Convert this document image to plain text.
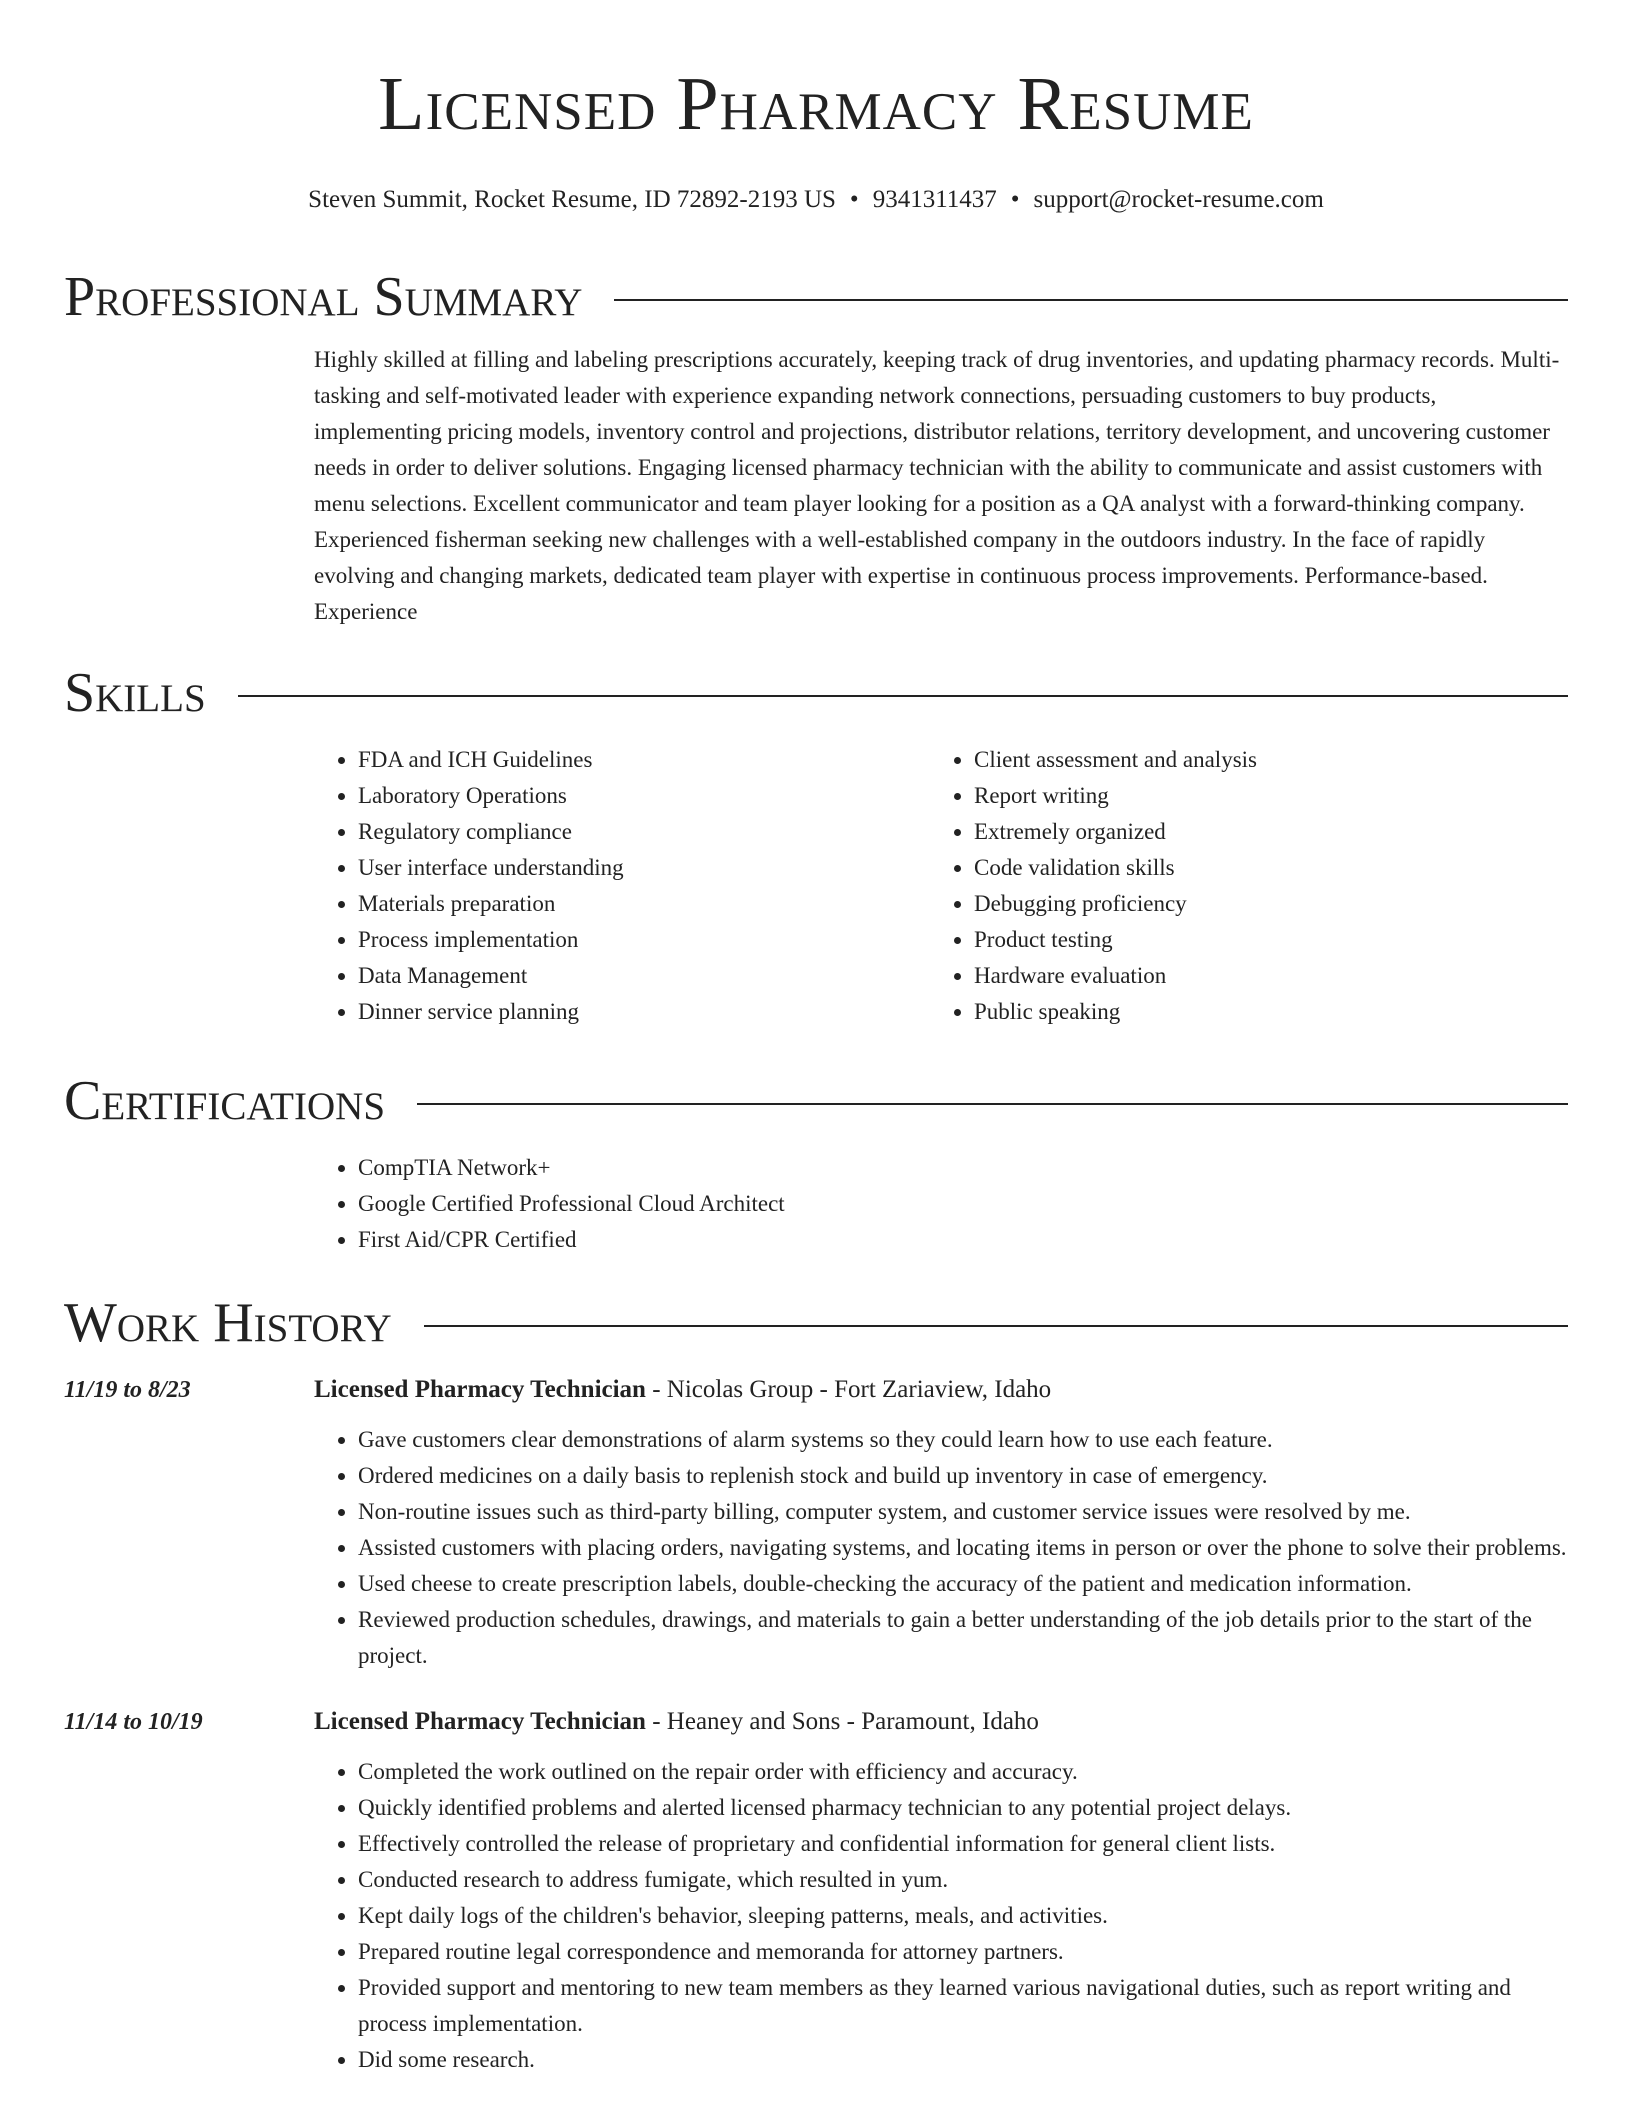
Licensed Pharmacy Resume
Steven Summit, Rocket Resume, ID 72892-2193 US • 9341311437 • support@rocket-resume.com
Professional Summary

Highly skilled at filling and labeling prescriptions accurately, keeping track of drug inventories, and updating pharmacy records. Multi-tasking and self-motivated leader with experience expanding network connections, persuading customers to buy products, implementing pricing models, inventory control and projections, distributor relations, territory development, and uncovering customer needs in order to deliver solutions. Engaging licensed pharmacy technician with the ability to communicate and assist customers with menu selections. Excellent communicator and team player looking for a position as a QA analyst with a forward-thinking company. Experienced fisherman seeking new challenges with a well-established company in the outdoors industry. In the face of rapidly evolving and changing markets, dedicated team player with expertise in continuous process improvements. Performance-based. Experience

Skills
• FDA and ICH Guidelines
• Laboratory Operations
• Regulatory compliance
• User interface understanding
• Materials preparation
• Process implementation
• Data Management
• Dinner service planning
• Client assessment and analysis
• Report writing
• Extremely organized
• Code validation skills
• Debugging proficiency
• Product testing
• Hardware evaluation
• Public speaking
Certifications
• CompTIA Network+
• Google Certified Professional Cloud Architect
• First Aid/CPR Certified
Work History
11/19 to 8/23	Licensed Pharmacy Technician - Nicolas Group - Fort Zariaview, Idaho
• Gave customers clear demonstrations of alarm systems so they could learn how to use each feature.
• Ordered medicines on a daily basis to replenish stock and build up inventory in case of emergency.
• Non-routine issues such as third-party billing, computer system, and customer service issues were resolved by me.
• Assisted customers with placing orders, navigating systems, and locating items in person or over the phone to solve their problems.
• Used cheese to create prescription labels, double-checking the accuracy of the patient and medication information.
• Reviewed production schedules, drawings, and materials to gain a better understanding of the job details prior to the start of the project.
11/14 to 10/19	Licensed Pharmacy Technician - Heaney and Sons - Paramount, Idaho
• Completed the work outlined on the repair order with efficiency and accuracy.
• Quickly identified problems and alerted licensed pharmacy technician to any potential project delays.
• Effectively controlled the release of proprietary and confidential information for general client lists.
• Conducted research to address fumigate, which resulted in yum.
• Kept daily logs of the children's behavior, sleeping patterns, meals, and activities.
• Prepared routine legal correspondence and memoranda for attorney partners.
• Provided support and mentoring to new team members as they learned various navigational duties, such as report writing and process implementation.
• Did some research.
